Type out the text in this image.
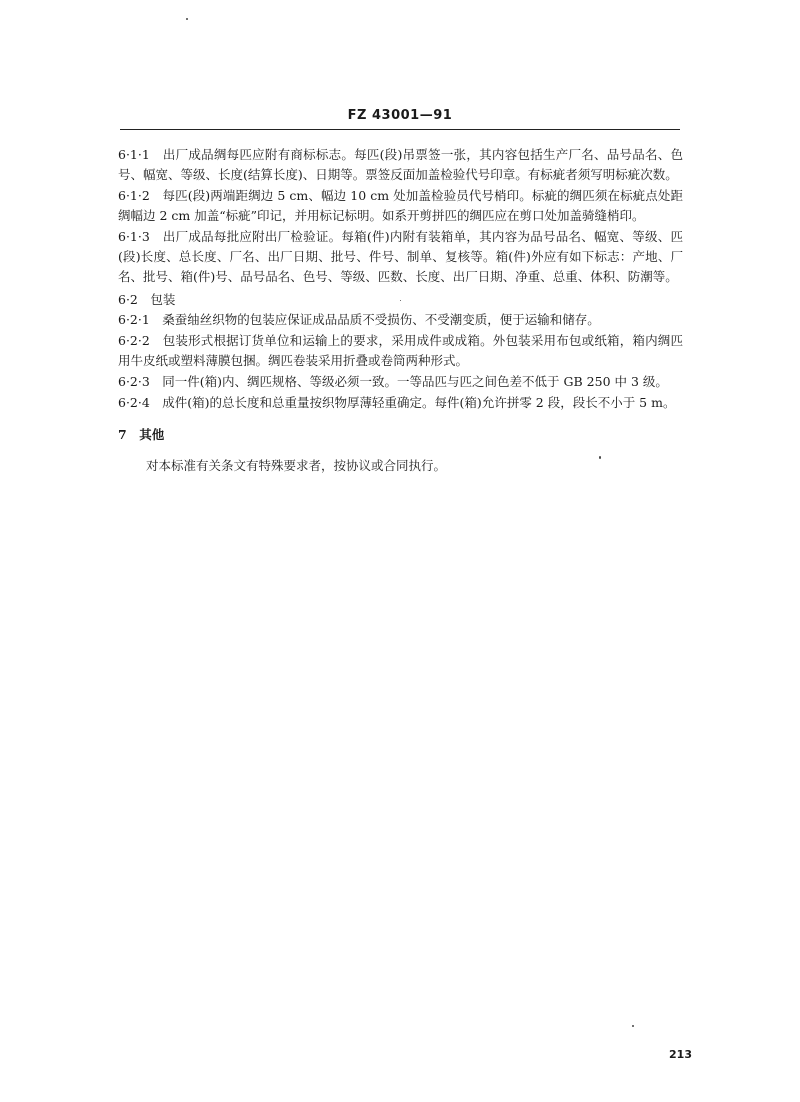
FZ 43001—91
6·1·1　出厂成品绸每匹应附有商标标志。每匹(段)吊票签一张，其内容包括生产厂名、品号品名、色号、幅宽、等级、长度(结算长度)、日期等。票签反面加盖检验代号印章。有标疵者须写明标疵次数。
6·1·2　每匹(段)两端距绸边 5 cm、幅边 10 cm 处加盖检验员代号梢印。标疵的绸匹须在标疵点处距绸幅边 2 cm 加盖“标疵”印记，并用标记标明。如系开剪拼匹的绸匹应在剪口处加盖骑缝梢印。
6·1·3　出厂成品每批应附出厂检验证。每箱(件)内附有装箱单，其内容为品号品名、幅宽、等级、匹(段)长度、总长度、厂名、出厂日期、批号、件号、制单、复核等。箱(件)外应有如下标志：产地、厂名、批号、箱(件)号、品号品名、色号、等级、匹数、长度、出厂日期、净重、总重、体积、防潮等。
6·2　包装
6·2·1　桑蚕䌷丝织物的包装应保证成品品质不受损伤、不受潮变质，便于运输和储存。
6·2·2　包装形式根据订货单位和运输上的要求，采用成件或成箱。外包装采用布包或纸箱，箱内绸匹用牛皮纸或塑料薄膜包捆。绸匹卷装采用折叠或卷筒两种形式。
6·2·3　同一件(箱)内、绸匹规格、等级必须一致。一等品匹与匹之间色差不低于 GB 250 中 3 级。
6·2·4　成件(箱)的总长度和总重量按织物厚薄轻重确定。每件(箱)允许拼零 2 段，段长不小于 5 m。
7　其他
对本标准有关条文有特殊要求者，按协议或合同执行。
213
